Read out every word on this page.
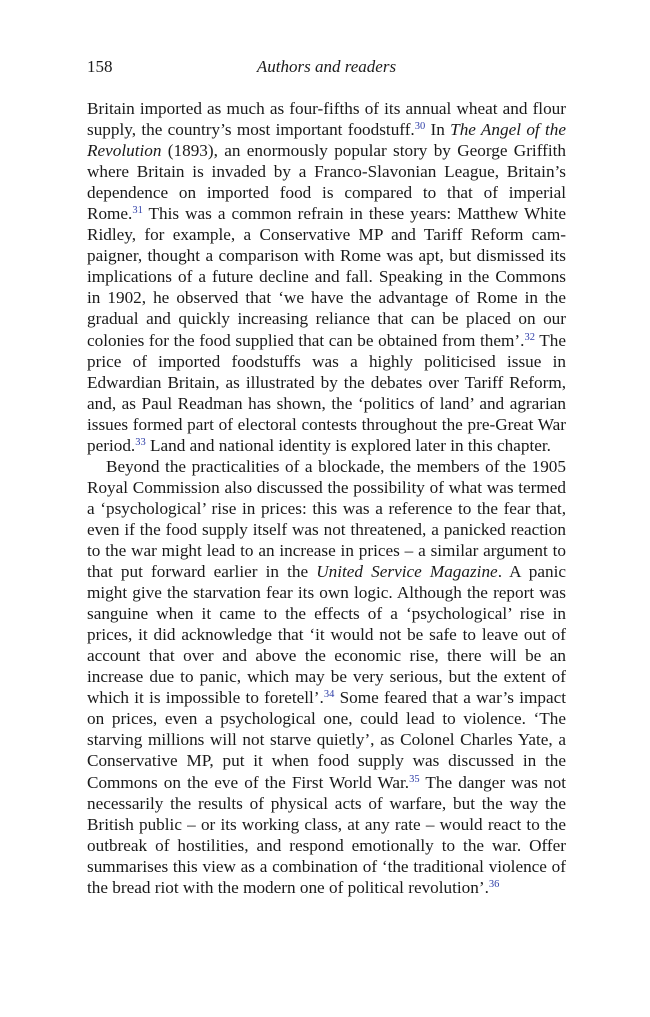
158	Authors and readers

Britain imported as much as four-fifths of its annual wheat and flour supply, the country’s most important foodstuff.$^{30}$ In The Angel of the Revolution (1893), an enormously popular story by George Griffith where Britain is invaded by a Franco-Slavonian League, Britain’s dependence on imported food is compared to that of imperial Rome.$^{31}$ This was a common refrain in these years: Matthew White Ridley, for example, a Conservative MP and Tariff Reform campaigner, thought a comparison with Rome was apt, but dismissed its implications of a future decline and fall. Speaking in the Commons in 1902, he observed that ‘we have the advantage of Rome in the gradual and quickly increasing reliance that can be placed on our colonies for the food supplied that can be obtained from them’.$^{32}$ The price of imported foodstuffs was a highly politicised issue in Edwardian Britain, as illustrated by the debates over Tariff Reform, and, as Paul Readman has shown, the ‘politics of land’ and agrarian issues formed part of electoral contests throughout the pre-Great War period.$^{33}$ Land and national identity is explored later in this chapter.

Beyond the practicalities of a blockade, the members of the 1905 Royal Commission also discussed the possibility of what was termed a ‘psychological’ rise in prices: this was a reference to the fear that, even if the food supply itself was not threatened, a panicked reaction to the war might lead to an increase in prices – a similar argument to that put forward earlier in the United Service Magazine. A panic might give the starvation fear its own logic. Although the report was sanguine when it came to the effects of a ‘psychological’ rise in prices, it did acknowledge that ‘it would not be safe to leave out of account that over and above the economic rise, there will be an increase due to panic, which may be very serious, but the extent of which it is impossible to foretell’.$^{34}$ Some feared that a war’s impact on prices, even a psychological one, could lead to violence. ‘The starving millions will not starve quietly’, as Colonel Charles Yate, a Conservative MP, put it when food supply was discussed in the Commons on the eve of the First World War.$^{35}$ The danger was not necessarily the results of physical acts of warfare, but the way the British public – or its working class, at any rate – would react to the outbreak of hostilities, and respond emotionally to the war. Offer summarises this view as a combination of ‘the traditional violence of the bread riot with the modern one of political revolution’.$^{36}$
